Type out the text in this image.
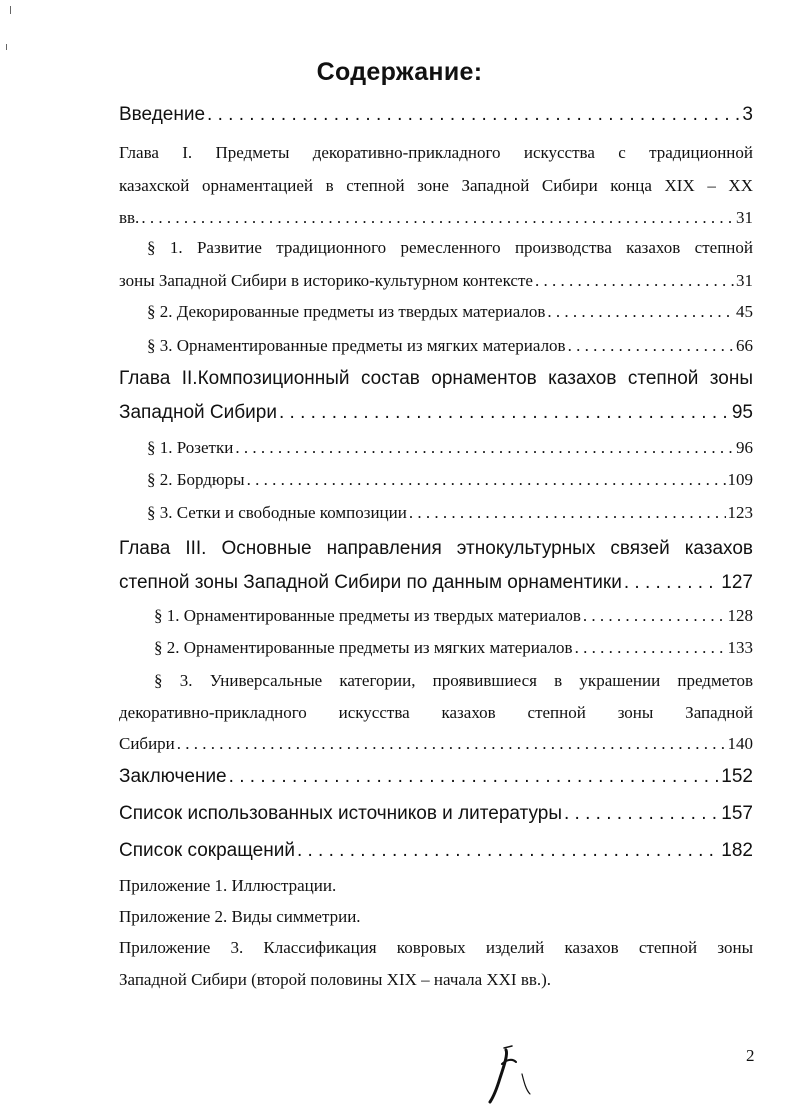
Содержание:
Введение . . .	3
Глава I. Предметы декоративно-прикладного искусства с традиционной
казахской орнаментацией в степной зоне Западной Сибири конца XIX – XX
вв. . . .	31
§ 1. Развитие традиционного ремесленного производства казахов степной
зоны Западной Сибири в историко-культурном контексте . . .	31
§ 2. Декорированные предметы из твердых материалов . . .	45
§ 3. Орнаментированные предметы из мягких материалов . . .	66
Глава II.Композиционный состав орнаментов казахов степной зоны
Западной Сибири . . .	95
§ 1. Розетки . . .	96
§ 2. Бордюры . . .	109
§ 3. Сетки и свободные композиции . . .	123
Глава III. Основные направления этнокультурных связей казахов
степной зоны Западной Сибири по данным орнаментики . . .	127
§ 1. Орнаментированные предметы из твердых материалов . . .	128
§ 2. Орнаментированные предметы из мягких материалов . . .	133
§ 3. Универсальные категории, проявившиеся в украшении предметов
декоративно-прикладного искусства казахов степной зоны Западной
Сибири . . .	140
Заключение . . .	152
Список использованных источников и литературы . . .	157
Список сокращений . . .	182
Приложение 1. Иллюстрации.
Приложение 2. Виды симметрии.
Приложение 3. Классификация ковровых изделий казахов степной зоны
Западной Сибири (второй половины XIX – начала XXI вв.).
2
